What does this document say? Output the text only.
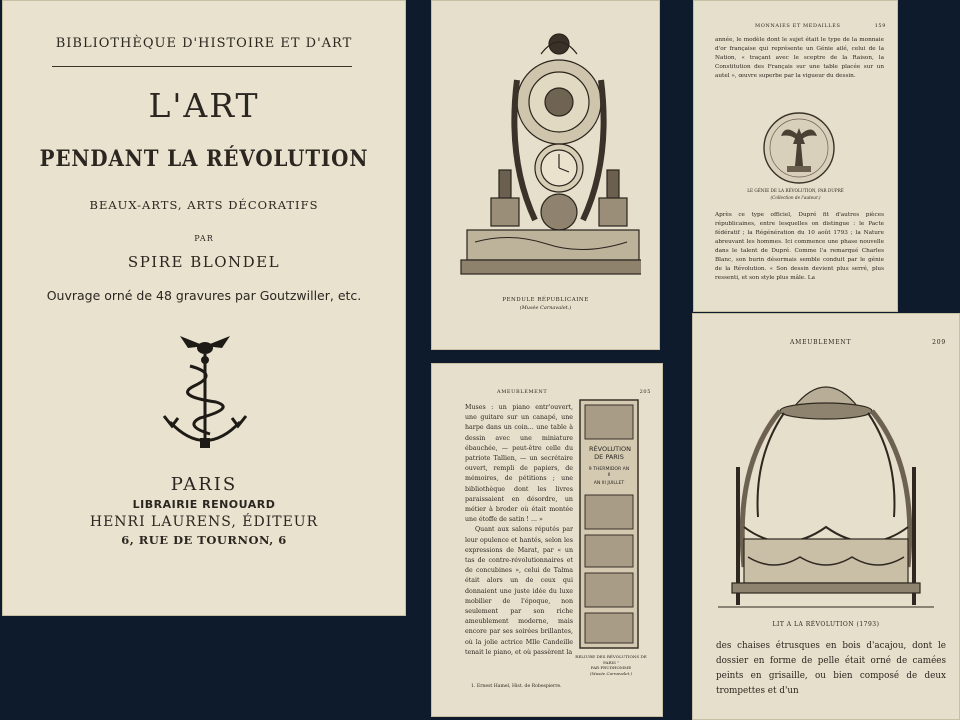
BIBLIOTHÈQUE D'HISTOIRE ET D'ART
L'ART
PENDANT LA RÉVOLUTION
BEAUX-ARTS, ARTS DÉCORATIFS
PAR
SPIRE BLONDEL
Ouvrage orné de 48 gravures par Goutzwiller, etc.
PARIS
LIBRAIRIE RENOUARD
HENRI LAURENS, ÉDITEUR
6, RUE DE TOURNON, 6
PENDULE RÉPUBLICAINE
(Musée Carnavalet.)
MONNAIES ET MEDAILLES	159
année, le modèle dont le sujet était le type de la monnaie d'or française qui représente un Génie ailé, celui de la Nation, « traçant avec le sceptre de la Raison, la Constitution des Français sur une table placée sur un autel », œuvre superbe par la vigueur du dessin.
LE GÉNIE DE LA RÉVOLUTION, PAR DUPRÉ
(Collection de l'auteur.)
Après ce type officiel, Dupré fit d'autres pièces républicaines, entre lesquelles on distingue : le Pacte fédératif ; la Régénération du 10 août 1793 ; la Nature abreuvant les hommes. Ici commence une phase nouvelle dans le talent de Dupré. Comme l'a remarqué Charles Blanc, son burin désormais semble conduit par le génie de la Révolution. « Son dessin devient plus serré, plus ressenti, et son style plus mâle. La
AMEUBLEMENT	205

Muses : un piano entr'ouvert, une guitare sur un canapé, une harpe dans un coin... une table à dessin avec une miniature ébauchée, — peut-être celle du patriote Tallien, — un secrétaire ouvert, rempli de papiers, de mémoires, de pétitions ; une bibliothèque dont les livres paraissaient en désordre, un métier à broder où était montée une étoffe de satin ! ... »

Quant aux salons réputés par leur opulence et hantés, selon les expressions de Marat, par « un tas de contre-révolutionnaires et de concubines », celui de Talma était alors un de ceux qui donnaient une juste idée du luxe mobilier de l'époque, non seulement par son riche ameublement moderne, mais encore par ses soirées brillantes, où la jolie actrice Mlle Candeille tenait le piano, et où passèrent la

RÉVOLUTION DE PARIS
9 THERMIDOR AN II
AN III JUILLET
RELIURE DES RÉVOLUTIONS DE PARIS ¹
PAR PRUDHOMME
(Musée Carnavalet.)
1. Ernest Hamel, Hist. de Robespierre.
AMEUBLEMENT	209
LIT A LA RÉVOLUTION (1793)
des chaises étrusques en bois d'acajou, dont le dossier en forme de pelle était orné de camées peints en grisaille, ou bien composé de deux trompettes et d'un
